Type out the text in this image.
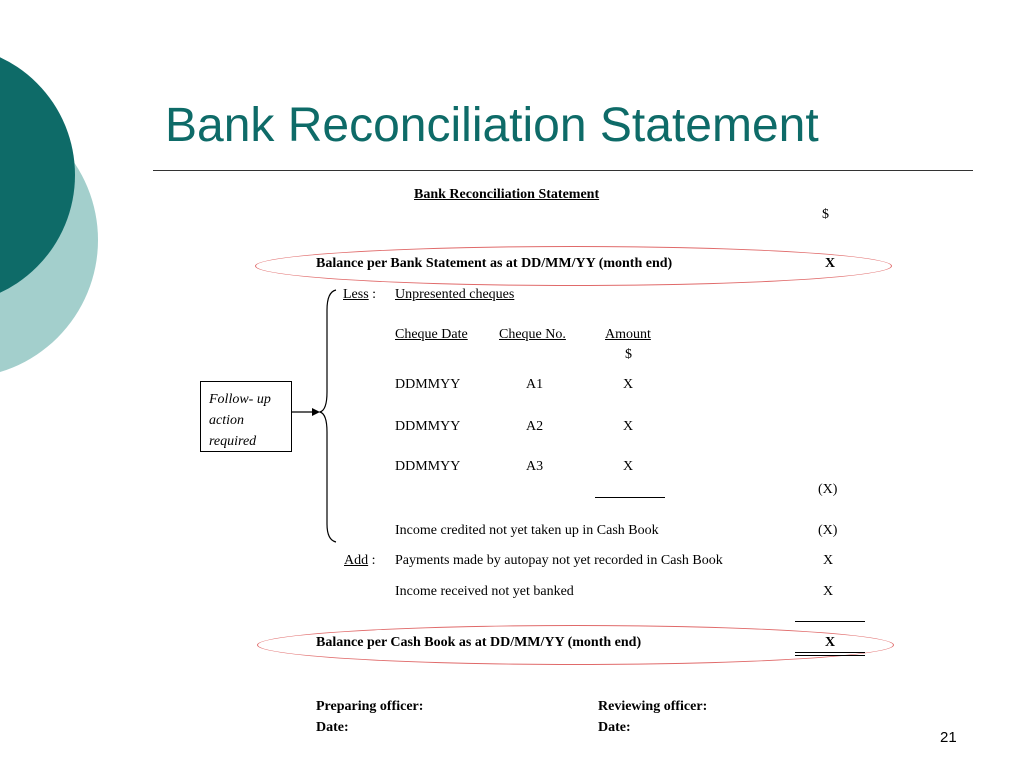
Bank Reconciliation Statement
Bank Reconciliation Statement
$
Balance per Bank Statement as at DD/MM/YY (month end)	X
Less : Unpresented cheques
Cheque Date Cheque No.	Amount
$
DDMMYY	A1	X
DDMMYY	A2	X
DDMMYY	A3	X
(X)
Income credited not yet taken up in Cash Book	(X)
Add : Payments made by autopay not yet recorded in Cash Book	X
Income received not yet banked	X
Balance per Cash Book as at DD/MM/YY (month end)	X
Follow- up
action
required
Preparing officer:
Date:
Reviewing officer:
Date:
21
